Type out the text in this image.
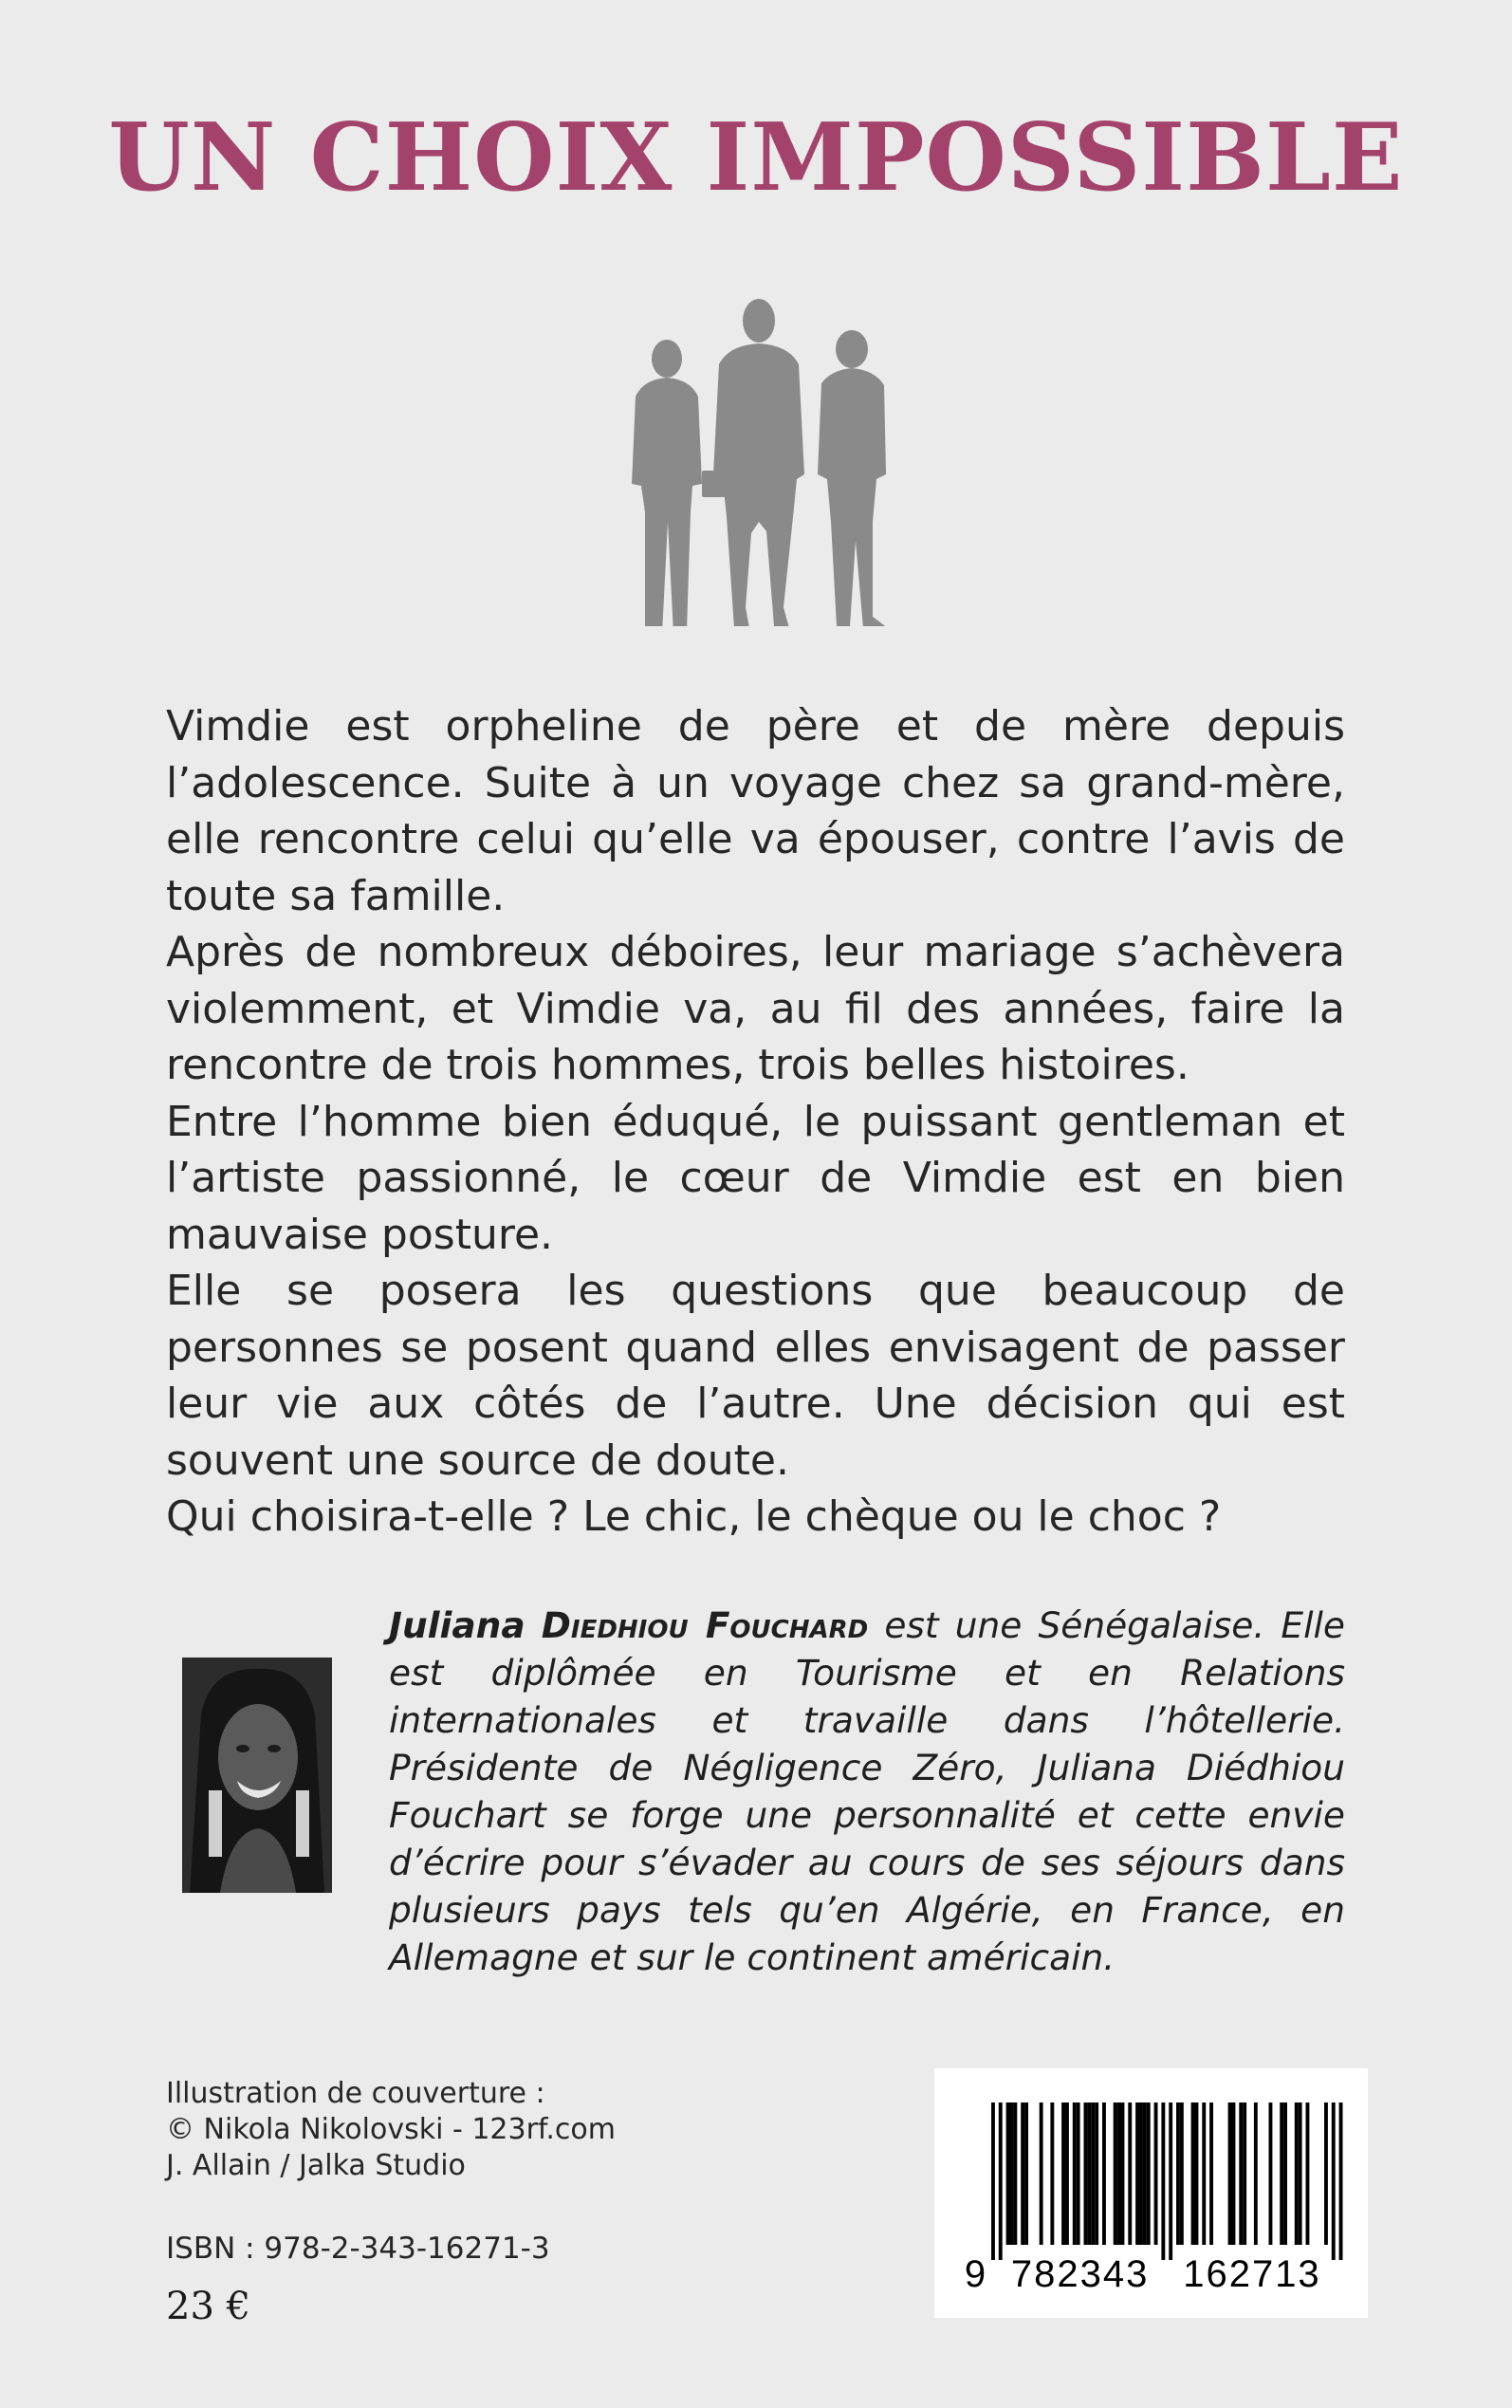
UN CHOIX IMPOSSIBLE

Vimdie est orpheline de père et de mère depuis l’adolescence. Suite à un voyage chez sa grand-mère, elle rencontre celui qu’elle va épouser, contre l’avis de toute sa famille.

Après de nombreux déboires, leur mariage s’achèvera violemment, et Vimdie va, au fil des années, faire la rencontre de trois hommes, trois belles histoires.

Entre l’homme bien éduqué, le puissant gentleman et l’artiste passionné, le cœur de Vimdie est en bien mauvaise posture.

Elle se posera les questions que beaucoup de personnes se posent quand elles envisagent de passer leur vie aux côtés de l’autre. Une décision qui est souvent une source de doute.

Qui choisira-t-elle ? Le chic, le chèque ou le choc ?

Juliana Diedhiou Fouchard est une Sénégalaise. Elle est diplômée en Tourisme et en Relations internationales et travaille dans l’hôtellerie. Présidente de Négligence Zéro, Juliana Diédhiou Fouchart se forge une personnalité et cette envie d’écrire pour s’évader au cours de ses séjours dans plusieurs pays tels qu’en Algérie, en France, en Allemagne et sur le continent américain.
Illustration de couverture :
© Nikola Nikolovski - 123rf.com
J. Allain / Jalka Studio
ISBN : 978-2-343-16271-3
23 €
9 782343 162713
